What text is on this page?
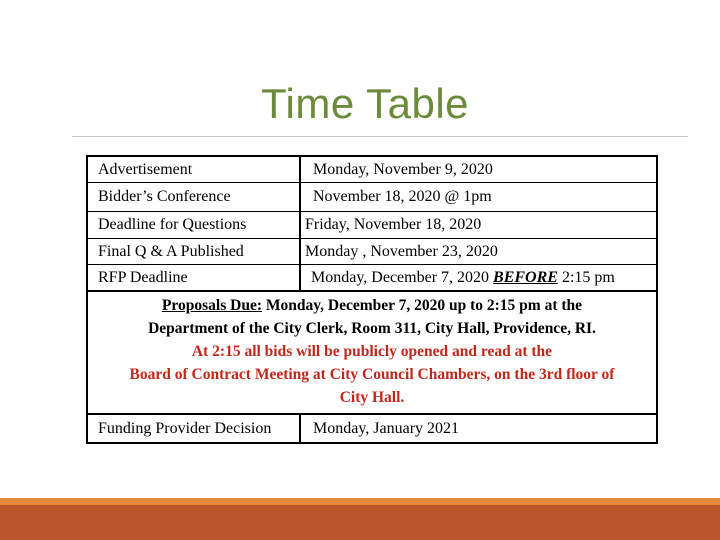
Time Table
Advertisement	Monday, November 9, 2020
Bidder’s Conference	November 18, 2020 @ 1pm
Deadline for Questions	Friday, November 18, 2020
Final Q & A Published	Monday , November 23, 2020
RFP Deadline	Monday, December 7, 2020 BEFORE 2:15 pm
Proposals Due: Monday, December 7, 2020 up to 2:15 pm at the
Department of the City Clerk, Room 311, City Hall, Providence, RI.
At 2:15 all bids will be publicly opened and read at the
Board of Contract Meeting at City Council Chambers, on the 3rd floor of
City Hall.
Funding Provider Decision	Monday, January 2021
